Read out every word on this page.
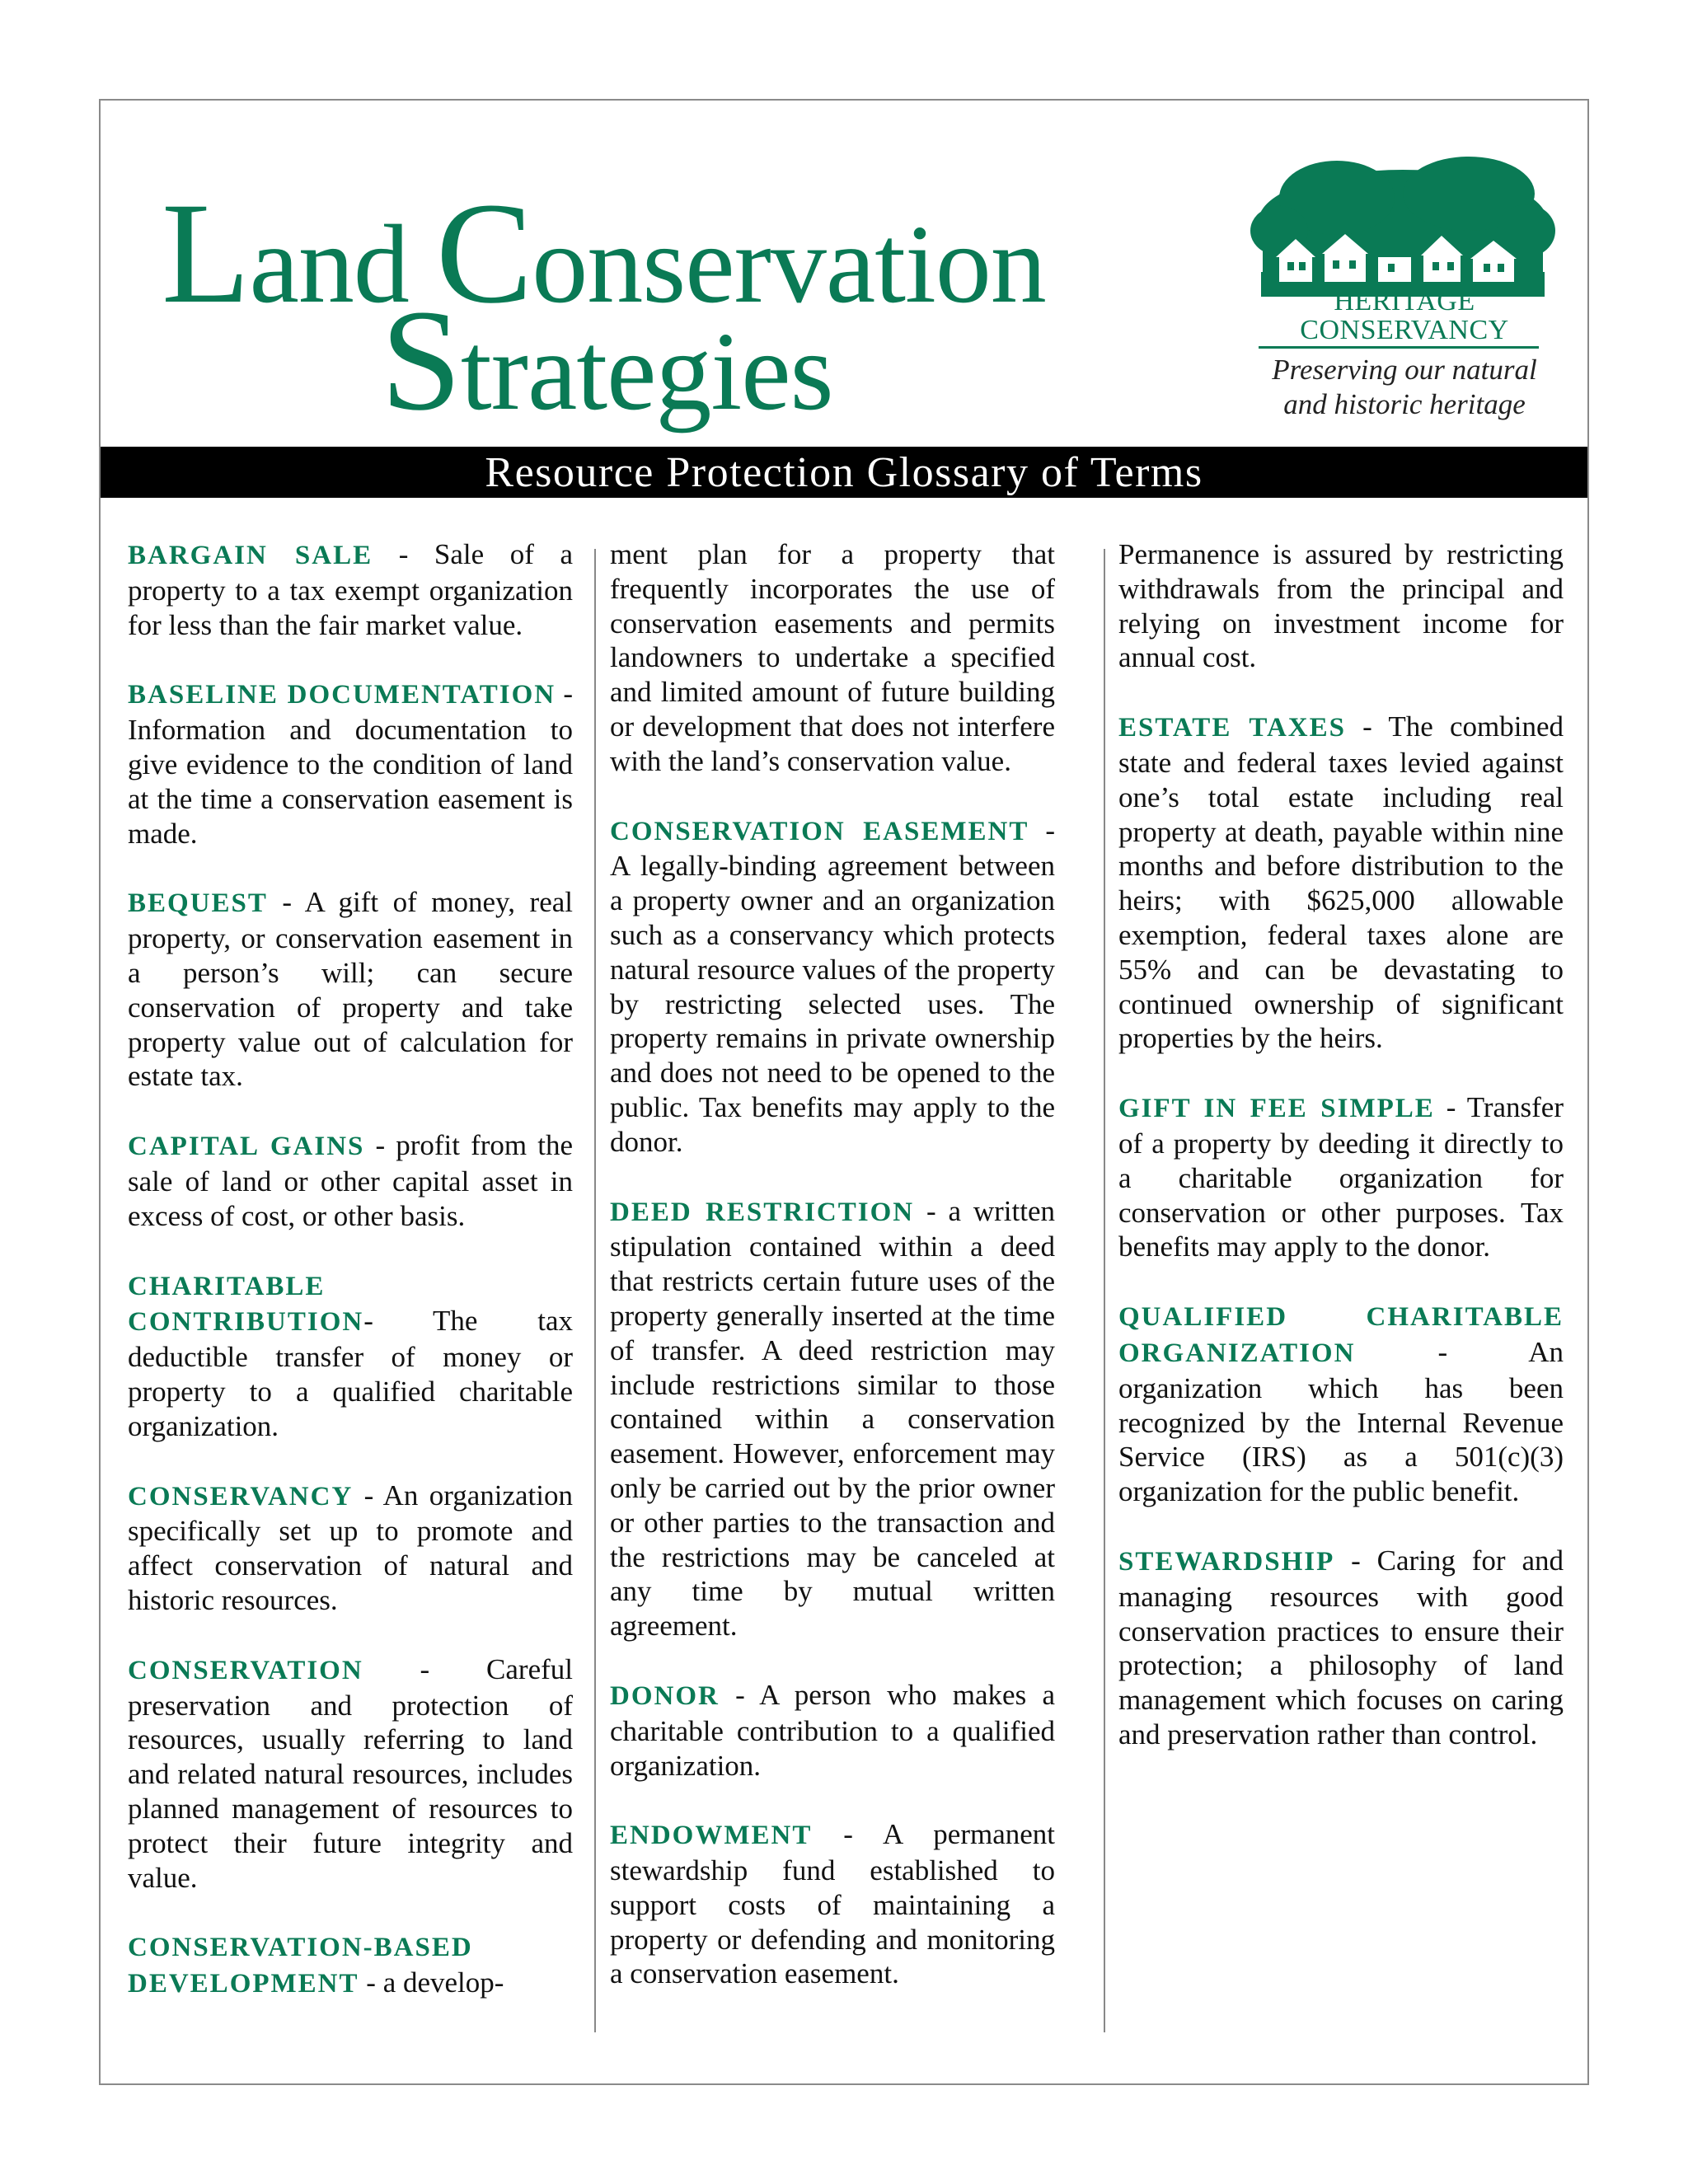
Land Conservation
Strategies
HERITAGE
CONSERVANCY
Preserving our natural
and historic heritage
Resource Protection Glossary of Terms

BARGAIN SALE - Sale of a property to a tax exempt organization for less than the fair market value.

BASELINE DOCUMENTATION - Information and documentation to give evidence to the condition of land at the time a conservation easement is made.

BEQUEST - A gift of money, real property, or conservation easement in a person’s will; can secure conservation of property and take property value out of calculation for estate tax.

CAPITAL GAINS - profit from the sale of land or other capital asset in excess of cost, or other basis.

CHARITABLE CONTRIBUTION- The tax deductible transfer of money or property to a qualified charitable organization.

CONSERVANCY - An organization specifically set up to promote and affect conservation of natural and historic resources.

CONSERVATION - Careful preservation and protection of resources, usually referring to land and related natural resources, includes planned management of resources to protect their future integrity and value.

CONSERVATION-BASED DEVELOPMENT - a develop-

ment plan for a property that frequently incorporates the use of conservation easements and permits landowners to undertake a specified and limited amount of future building or development that does not interfere with the land’s conservation value.

CONSERVATION EASEMENT - A legally-binding agreement between a property owner and an organization such as a conservancy which protects natural resource values of the property by restricting selected uses. The property remains in private ownership and does not need to be opened to the public. Tax benefits may apply to the donor.

DEED RESTRICTION - a written stipulation contained within a deed that restricts certain future uses of the property generally inserted at the time of transfer. A deed restriction may include restrictions similar to those contained within a conservation easement. However, enforcement may only be carried out by the prior owner or other parties to the transaction and the restrictions may be canceled at any time by mutual written agreement.

DONOR - A person who makes a charitable contribution to a qualified organization.

ENDOWMENT - A permanent stewardship fund established to support costs of maintaining a property or defending and monitoring a conservation easement.

Permanence is assured by restricting withdrawals from the principal and relying on investment income for annual cost.

ESTATE TAXES - The combined state and federal taxes levied against one’s total estate including real property at death, payable within nine months and before distribution to the heirs; with $625,000 allowable exemption, federal taxes alone are 55% and can be devastating to continued ownership of significant properties by the heirs.

GIFT IN FEE SIMPLE - Transfer of a property by deeding it directly to a charitable organization for conservation or other purposes. Tax benefits may apply to the donor.

QUALIFIED CHARITABLE ORGANIZATION - An organization which has been recognized by the Internal Revenue Service (IRS) as a 501(c)(3) organization for the public benefit.

STEWARDSHIP - Caring for and managing resources with good conservation practices to ensure their protection; a philosophy of land management which focuses on caring and preservation rather than control.
